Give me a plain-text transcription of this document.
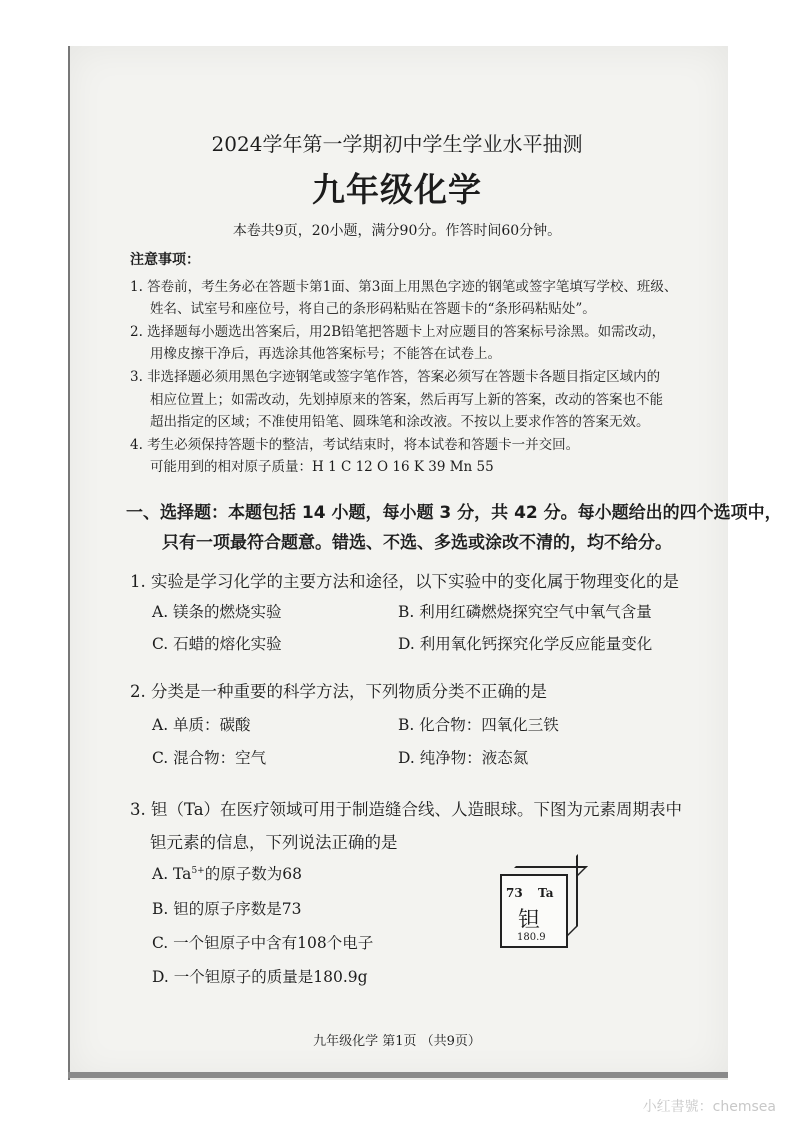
2024学年第一学期初中学生学业水平抽测
九年级化学
本卷共9页，20小题，满分90分。作答时间60分钟。
注意事项：
1. 答卷前，考生务必在答题卡第1面、第3面上用黑色字迹的钢笔或签字笔填写学校、班级、
姓名、试室号和座位号，将自己的条形码粘贴在答题卡的“条形码粘贴处”。
2. 选择题每小题选出答案后，用2B铅笔把答题卡上对应题目的答案标号涂黑。如需改动，
用橡皮擦干净后，再选涂其他答案标号；不能答在试卷上。
3. 非选择题必须用黑色字迹钢笔或签字笔作答，答案必须写在答题卡各题目指定区域内的
相应位置上；如需改动，先划掉原来的答案，然后再写上新的答案，改动的答案也不能
超出指定的区域；不准使用铅笔、圆珠笔和涂改液。不按以上要求作答的答案无效。
4. 考生必须保持答题卡的整洁，考试结束时，将本试卷和答题卡一并交回。
可能用到的相对原子质量：H 1 C 12 O 16 K 39 Mn 55
一、选择题：本题包括 14 小题，每小题 3 分，共 42 分。每小题给出的四个选项中，
只有一项最符合题意。错选、不选、多选或涂改不清的，均不给分。
1. 实验是学习化学的主要方法和途径，以下实验中的变化属于物理变化的是
A. 镁条的燃烧实验	B. 利用红磷燃烧探究空气中氧气含量
C. 石蜡的熔化实验	D. 利用氧化钙探究化学反应能量变化
2. 分类是一种重要的科学方法，下列物质分类不正确的是
A. 单质：碳酸	B. 化合物：四氧化三铁
C. 混合物：空气	D. 纯净物：液态氮
3. 钽（Ta）在医疗领域可用于制造缝合线、人造眼球。下图为元素周期表中
钽元素的信息，下列说法正确的是
A. $Ta^{5+}$的原子数为68
B. 钽的原子序数是73
C. 一个钽原子中含有108个电子
D. 一个钽原子的质量是180.9g
73 Ta
钽
180.9
九年级化学 第1页 （共9页）
小红書號：chemsea
